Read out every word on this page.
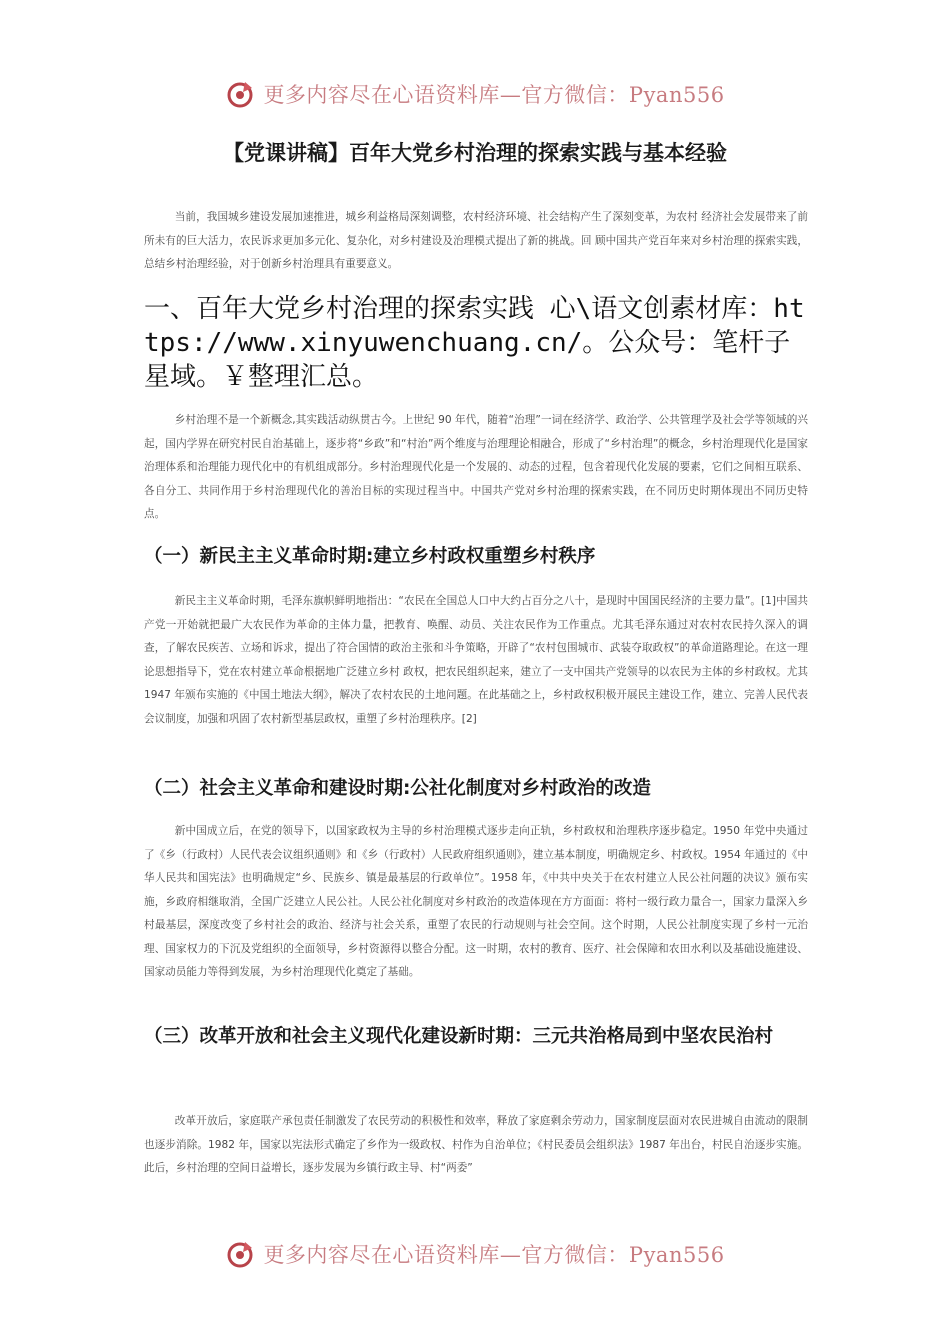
更多内容尽在心语资料库—官方微信：Pyan556
【党课讲稿】百年大党乡村治理的探索实践与基本经验

当前，我国城乡建设发展加速推进，城乡利益格局深刻调整，农村经济环境、社会结构产生了深刻变革，为农村 经济社会发展带来了前所未有的巨大活力，农民诉求更加多元化、复杂化，对乡村建设及治理模式提出了新的挑战。回 顾中国共产党百年来对乡村治理的探索实践，总结乡村治理经验，对于创新乡村治理具有重要意义。

一、百年大党乡村治理的探索实践 心\语文创素材库：https://www.xinyuwenchuang.cn/。公众号：笔杆子星域。￥整理汇总。

乡村治理不是一个新概念,其实践活动纵贯古今。上世纪 90 年代，随着“治理”一词在经济学、政治学、公共管理学及社会学等领域的兴起，国内学界在研究村民自治基础上，逐步将“乡政”和“村治”两个维度与治理理论相融合，形成了“乡村治理”的概念，乡村治理现代化是国家治理体系和治理能力现代化中的有机组成部分。乡村治理现代化是一个发展的、动态的过程，包含着现代化发展的要素，它们之间相互联系、各自分工、共同作用于乡村治理现代化的善治目标的实现过程当中。中国共产党对乡村治理的探索实践，在不同历史时期体现出不同历史特点。

（一）新民主主义革命时期:建立乡村政权重塑乡村秩序

新民主主义革命时期，毛泽东旗帜鲜明地指出：“农民在全国总人口中大约占百分之八十，是现时中国国民经济的主要力量”。[1]中国共产党一开始就把最广大农民作为革命的主体力量，把教育、唤醒、动员、关注农民作为工作重点。尤其毛泽东通过对农村农民持久深入的调查，了解农民疾苦、立场和诉求，提出了符合国情的政治主张和斗争策略，开辟了“农村包围城市、武装夺取政权”的革命道路理论。在这一理论思想指导下，党在农村建立革命根据地广泛建立乡村 政权，把农民组织起来，建立了一支中国共产党领导的以农民为主体的乡村政权。尤其 1947 年颁布实施的《中国土地法大纲》，解决了农村农民的土地问题。在此基础之上，乡村政权积极开展民主建设工作，建立、完善人民代表会议制度，加强和巩固了农村新型基层政权，重塑了乡村治理秩序。[2]

（二）社会主义革命和建设时期:公社化制度对乡村政治的改造

新中国成立后，在党的领导下，以国家政权为主导的乡村治理模式逐步走向正轨，乡村政权和治理秩序逐步稳定。1950 年党中央通过了《乡（行政村）人民代表会议组织通则》和《乡（行政村）人民政府组织通则》，建立基本制度，明确规定乡、村政权。1954 年通过的《中华人民共和国宪法》也明确规定“乡、民族乡、镇是最基层的行政单位”。1958 年，《中共中央关于在农村建立人民公社问题的决议》颁布实施，乡政府相继取消，全国广泛建立人民公社。人民公社化制度对乡村政治的改造体现在方方面面：将村一级行政力量合一，国家力量深入乡村最基层，深度改变了乡村社会的政治、经济与社会关系，重塑了农民的行动规则与社会空间。这个时期，人民公社制度实现了乡村一元治理、国家权力的下沉及党组织的全面领导，乡村资源得以整合分配。这一时期，农村的教育、医疗、社会保障和农田水利以及基础设施建设、国家动员能力等得到发展，为乡村治理现代化奠定了基础。

（三）改革开放和社会主义现代化建设新时期：三元共治格局到中坚农民治村

改革开放后，家庭联产承包责任制激发了农民劳动的积极性和效率，释放了家庭剩余劳动力，国家制度层面对农民进城自由流动的限制也逐步消除。1982 年，国家以宪法形式确定了乡作为一级政权、村作为自治单位；《村民委员会组织法》1987 年出台，村民自治逐步实施。此后，乡村治理的空间日益增长，逐步发展为乡镇行政主导、村“两委”

更多内容尽在心语资料库—官方微信：Pyan556
